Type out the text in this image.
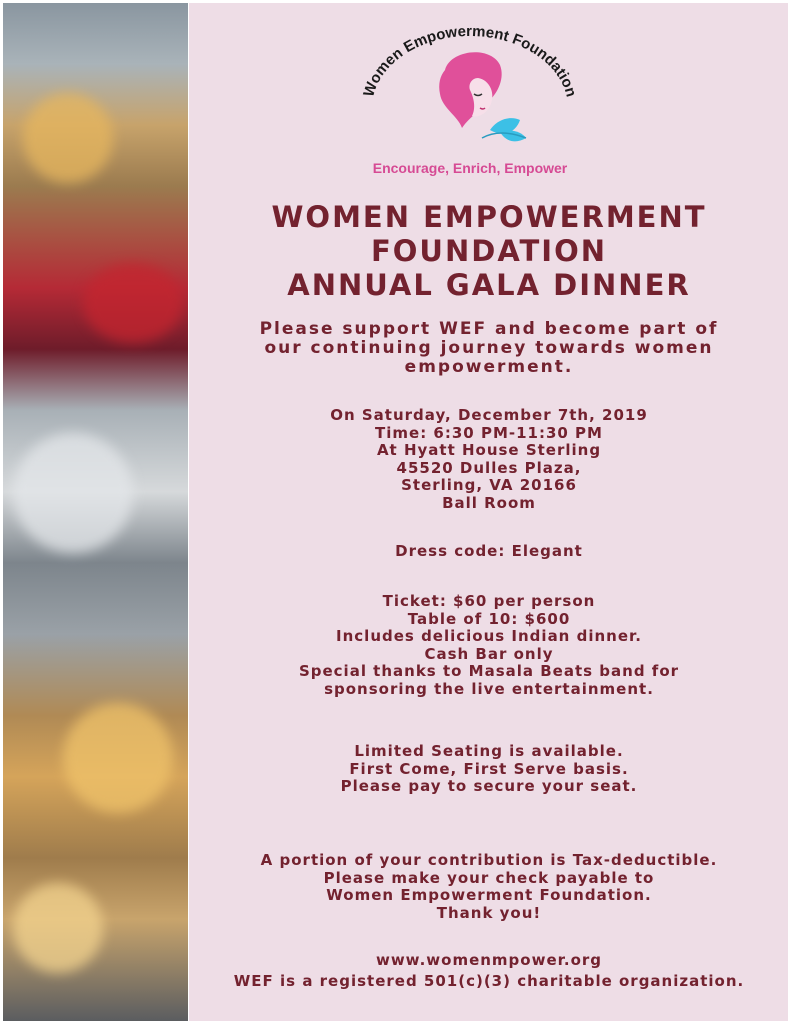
Women Empowerment Foundation
Encourage, Enrich, Empower
WOMEN EMPOWERMENT
FOUNDATION
ANNUAL GALA DINNER
Please support WEF and become part of
our continuing journey towards women
empowerment.
On Saturday, December 7th, 2019
Time: 6:30 PM-11:30 PM
At Hyatt House Sterling
45520 Dulles Plaza,
Sterling, VA 20166
Ball Room
Dress code: Elegant
Ticket: $60 per person
Table of 10: $600
Includes delicious Indian dinner.
Cash Bar only
Special thanks to Masala Beats band for
sponsoring the live entertainment.
Limited Seating is available.
First Come, First Serve basis.
Please pay to secure your seat.
A portion of your contribution is Tax-deductible.
Please make your check payable to
Women Empowerment Foundation.
Thank you!
www.womenmpower.org
WEF is a registered 501(c)(3) charitable organization.
